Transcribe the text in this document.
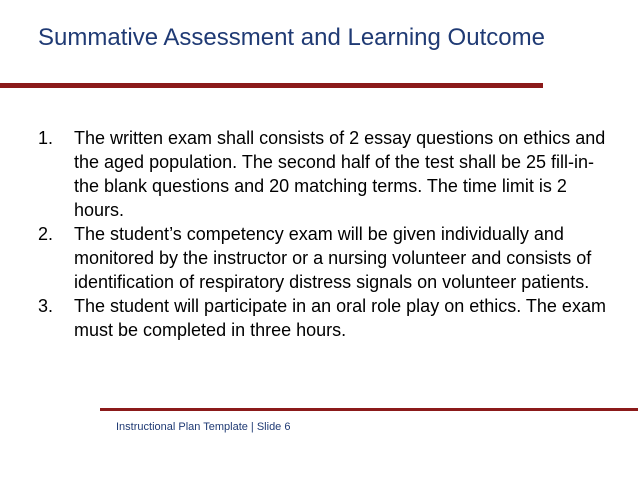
Summative Assessment and Learning Outcome
1. The written exam shall consists of 2 essay questions on ethics and the aged population. The second half of the test shall be 25 fill-in-the blank questions and 20 matching terms. The time limit is 2 hours.
2. The student’s competency exam will be given individually and monitored by the instructor or a nursing volunteer and consists of identification of respiratory distress signals on volunteer patients.
3. The student will participate in an oral role play on ethics. The exam must be completed in three hours.
Instructional Plan Template | Slide 6
